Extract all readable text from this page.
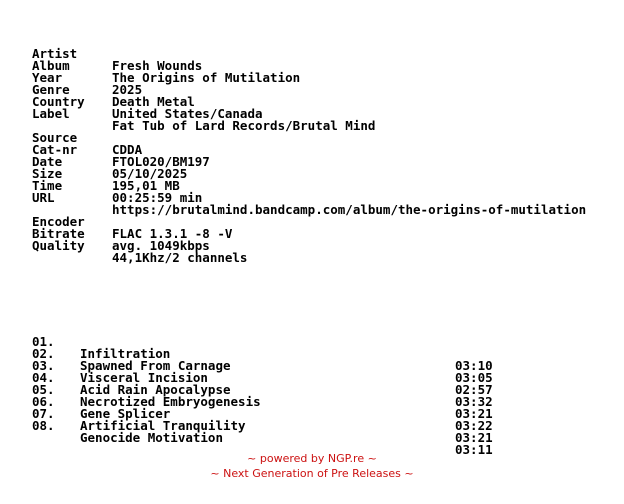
Artist

Fresh Wounds

Album

The Origins of Mutilation

Year

2025

Genre

Death Metal

Country

United States/Canada

Label

Fat Tub of Lard Records/Brutal Mind

Source

CDDA

Cat-nr

FTOL020/BM197

Date

05/10/2025

Size

195,01 MB

Time

00:25:59 min

URL

https://brutalmind.bandcamp.com/album/the-origins-of-mutilation

Encoder

FLAC 1.3.1 -8 -V

Bitrate

avg. 1049kbps

Quality

44,1Khz/2 channels

01.

Infiltration

03:10

02.

Spawned From Carnage

03:05

03.

Visceral Incision

02:57

04.

Acid Rain Apocalypse

03:32

05.

Necrotized Embryogenesis

03:21

06.

Gene Splicer

03:22

07.

Artificial Tranquility

03:21

08.

Genocide Motivation

03:11

~ powered by NGP.re ~
~ Next Generation of Pre Releases ~
